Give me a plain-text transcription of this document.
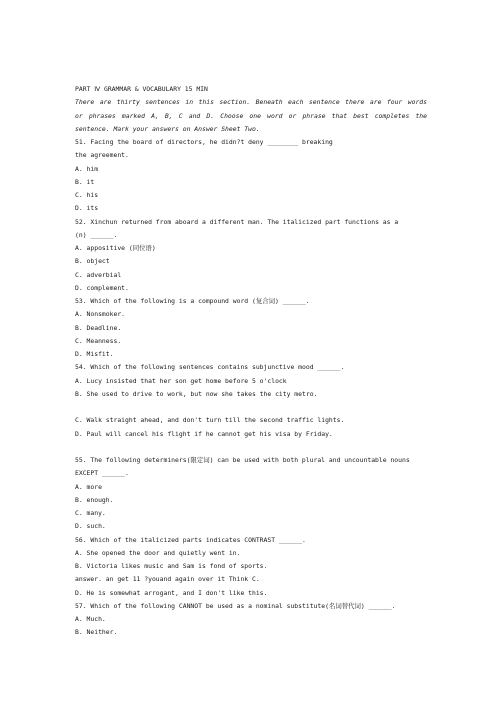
PART Ⅳ GRAMMAR & VOCABULARY 15 MIN
There are thirty sentences in this section. Beneath each sentence there are four words
or phrases marked A, B, C and D. Choose one word or phrase that best completes the
sentence. Mark your answers on Answer Sheet Two.
51. Facing the board of directors, he didn?t deny ________ breaking
the agreement.
A. him
B. it
C. his
D. its
52. Xinchun returned from aboard a different man. The italicized part functions as a
(n) ______.
A. appositive (同位语)
B. object
C. adverbial
D. complement.
53. Which of the following is a compound word (复合词) ______.
A. Nonsmoker.
B. Deadline.
C. Meanness.
D. Misfit.
54. Which of the following sentences contains subjunctive mood ______.
A. Lucy insisted that her son get home before 5 o'clock
B. She used to drive to work, but now she takes the city metro.
C. Walk straight ahead, and don't turn till the second traffic lights.
D. Paul will cancel his flight if he cannot get his visa by Friday.
55. The following determiners(限定词) can be used with both plural and uncountable nouns
EXCEPT ______.
A. more
B. enough.
C. many.
D. such.
56. Which of the italicized parts indicates CONTRAST ______.
A. She opened the door and quietly went in.
B. Victoria likes music and Sam is fond of sports.
answer. an get 11 ?youand again over it Think C.
D. He is somewhat arrogant, and I don't like this.
57. Which of the following CANNOT be used as a nominal substitute(名词替代词) ______.
A. Much.
B. Neither.
